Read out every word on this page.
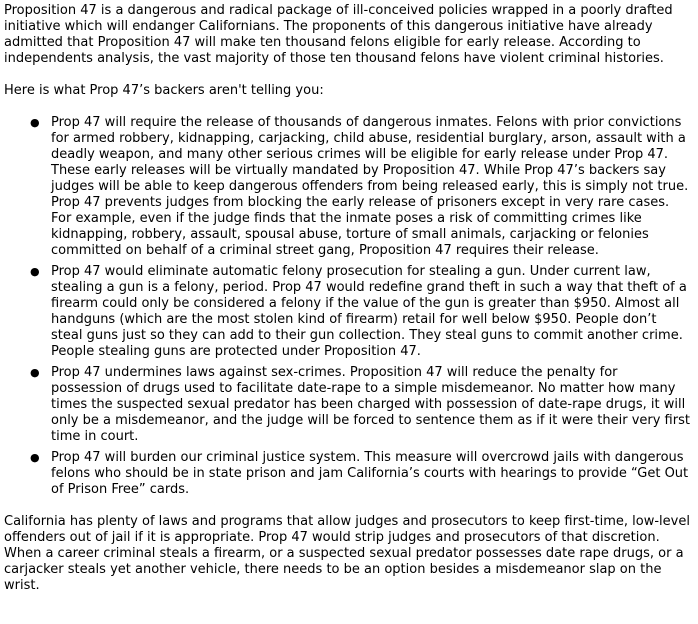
Proposition 47 is a dangerous and radical package of ill-conceived policies wrapped in a poorly drafted initiative which will endanger Californians. The proponents of this dangerous initiative have already admitted that Proposition 47 will make ten thousand felons eligible for early release. According to independents analysis, the vast majority of those ten thousand felons have violent criminal histories.

Here is what Prop 47’s backers aren't telling you:

● Prop 47 will require the release of thousands of dangerous inmates. Felons with prior convictions for armed robbery, kidnapping, carjacking, child abuse, residential burglary, arson, assault with a deadly weapon, and many other serious crimes will be eligible for early release under Prop 47. These early releases will be virtually mandated by Proposition 47. While Prop 47’s backers say judges will be able to keep dangerous offenders from being released early, this is simply not true. Prop 47 prevents judges from blocking the early release of prisoners except in very rare cases. For example, even if the judge finds that the inmate poses a risk of committing crimes like kidnapping, robbery, assault, spousal abuse, torture of small animals, carjacking or felonies committed on behalf of a criminal street gang, Proposition 47 requires their release.
● Prop 47 would eliminate automatic felony prosecution for stealing a gun. Under current law, stealing a gun is a felony, period. Prop 47 would redefine grand theft in such a way that theft of a firearm could only be considered a felony if the value of the gun is greater than $950. Almost all handguns (which are the most stolen kind of firearm) retail for well below $950. People don’t steal guns just so they can add to their gun collection. They steal guns to commit another crime. People stealing guns are protected under Proposition 47.
● Prop 47 undermines laws against sex-crimes. Proposition 47 will reduce the penalty for possession of drugs used to facilitate date-rape to a simple misdemeanor. No matter how many times the suspected sexual predator has been charged with possession of date-rape drugs, it will only be a misdemeanor, and the judge will be forced to sentence them as if it were their very first time in court.
● Prop 47 will burden our criminal justice system. This measure will overcrowd jails with dangerous felons who should be in state prison and jam California’s courts with hearings to provide “Get Out of Prison Free” cards.

California has plenty of laws and programs that allow judges and prosecutors to keep first-time, low-level offenders out of jail if it is appropriate. Prop 47 would strip judges and prosecutors of that discretion. When a career criminal steals a firearm, or a suspected sexual predator possesses date rape drugs, or a carjacker steals yet another vehicle, there needs to be an option besides a misdemeanor slap on the wrist.
